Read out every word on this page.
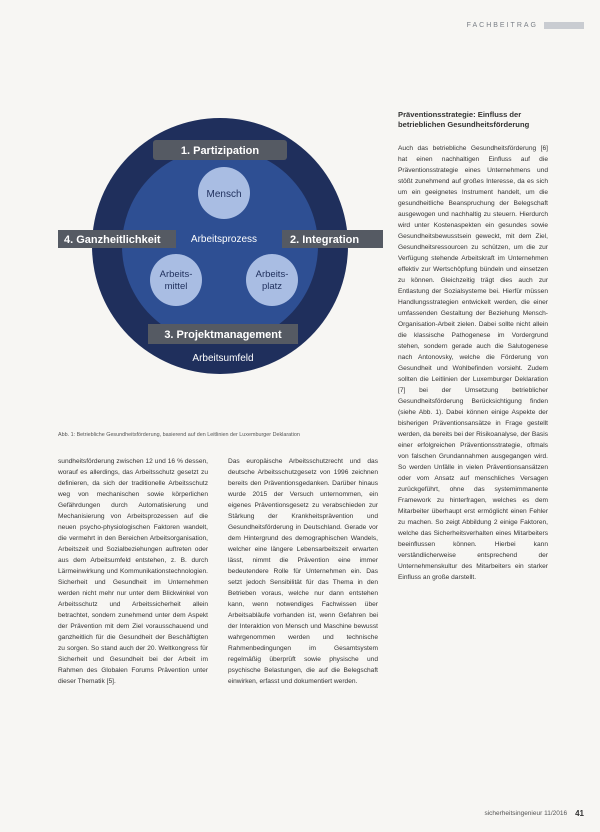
FACHBEITRAG
1. Partizipation
4. Ganzheitlichkeit	2. Integration
3. Projektmanagement
Arbeitsprozess
Mensch
Arbeits-
mittel
Arbeits-
platz
Arbeitsumfeld
Abb. 1: Betriebliche Gesundheitsförderung, basierend auf den Leitlinien der Luxemburger Deklaration
Präventionsstrategie: Einfluss der betrieblichen Gesundheitsförderung

sundheitsförderung zwischen 12 und 16 % dessen, worauf es allerdings, das Arbeitsschutz gesetzt zu definieren, da sich der traditionelle Arbeitsschutz weg von mechanischen sowie körperlichen Gefährdungen durch Automatisierung und Mechanisierung von Arbeitsprozessen auf die neuen psycho-physiologischen Faktoren wandelt, die vermehrt in den Bereichen Arbeitsorganisation, Arbeitszeit und Sozialbeziehungen auftreten oder aus dem Arbeitsumfeld entstehen, z. B. durch Lärmeinwirkung und Kommunikationstechnologien. Sicherheit und Gesundheit im Unternehmen werden nicht mehr nur unter dem Blickwinkel von Arbeitsschutz und Arbeitssicherheit allein betrachtet, sondern zunehmend unter dem Aspekt der Prävention mit dem Ziel vorausschauend und ganzheitlich für die Gesundheit der Beschäftigten zu sorgen. So stand auch der 20. Weltkongress für Sicherheit und Gesundheit bei der Arbeit im Rahmen des Globalen Forums Prävention unter dieser Thematik [5].

Das europäische Arbeitsschutzrecht und das deutsche Arbeitsschutzgesetz von 1996 zeichnen bereits den Präventionsgedanken. Darüber hinaus wurde 2015 der Versuch unternommen, ein eigenes Präventionsgesetz zu verabschieden zur Stärkung der Krankheitsprävention und Gesundheitsförderung in Deutschland. Gerade vor dem Hintergrund des demographischen Wandels, welcher eine längere Lebensarbeitszeit erwarten lässt, nimmt die Prävention eine immer bedeutendere Rolle für Unternehmen ein. Das setzt jedoch Sensibilität für das Thema in den Betrieben voraus, welche nur dann entstehen kann, wenn notwendiges Fachwissen über Arbeitsabläufe vorhanden ist, wenn Gefahren bei der Interaktion von Mensch und Maschine bewusst wahrgenommen werden und technische Rahmenbedingungen im Gesamtsystem regelmäßig überprüft sowie physische und psychische Belastungen, die auf die Belegschaft einwirken, erfasst und dokumentiert werden.

Auch das betriebliche Gesundheitsförderung [6] hat einen nachhaltigen Einfluss auf die Präventionsstrategie eines Unternehmens und stößt zunehmend auf großes Interesse, da es sich um ein geeignetes Instrument handelt, um die gesundheitliche Beanspruchung der Belegschaft ausgewogen und nachhaltig zu steuern. Hierdurch wird unter Kostenaspekten ein gesundes sowie Gesundheitsbewusstsein geweckt, mit dem Ziel, Gesundheitsressourcen zu schützen, um die zur Verfügung stehende Arbeitskraft im Unternehmen effektiv zur Wertschöpfung bündeln und einsetzen zu können. Gleichzeitig trägt dies auch zur Entlastung der Sozialsysteme bei. Hierfür müssen Handlungsstrategien entwickelt werden, die einer umfassenden Gestaltung der Beziehung Mensch-Organisation-Arbeit zielen. Dabei sollte nicht allein die klassische Pathogenese im Vordergrund stehen, sondern gerade auch die Salutogenese nach Antonovsky, welche die Förderung von Gesundheit und Wohlbefinden vorsieht. Zudem sollten die Leitlinien der Luxemburger Deklaration [7] bei der Umsetzung betrieblicher Gesundheitsförderung Berücksichtigung finden (siehe Abb. 1). Dabei können einige Aspekte der bisherigen Präventionsansätze in Frage gestellt werden, da bereits bei der Risikoanalyse, der Basis einer erfolgreichen Präventionsstrategie, oftmals von falschen Grundannahmen ausgegangen wird. So werden Unfälle in vielen Präventionsansätzen oder vom Ansatz auf menschliches Versagen zurückgeführt, ohne das systemimmanente Framework zu hinterfragen, welches es dem Mitarbeiter überhaupt erst ermöglicht einen Fehler zu machen. So zeigt Abbildung 2 einige Faktoren, welche das Sicherheitsverhalten eines Mitarbeiters beeinflussen können. Hierbei kann verständlicherweise entsprechend der Unternehmenskultur des Mitarbeiters ein starker Einfluss an große darstellt.

sicherheitsingenieur 11/2016 41
